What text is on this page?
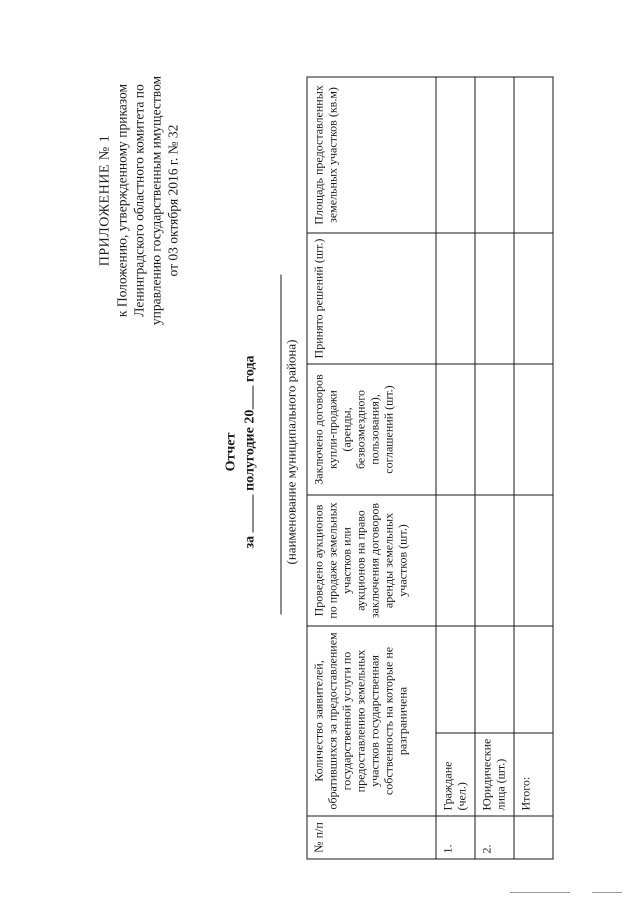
ПРИЛОЖЕНИЕ № 1 к Положению, утвержденному приказом Ленинградского областного комитета по управлению государственным имуществом от 03 октября 2016 г. № 32
Отчет
за  полугодие 20 года (наименование муниципального района)
№ п/п	Количество заявителей, обратившихся за предоставлением государственной услуги по предоставлению земельных участков государственная собственность на которые не разграничена		Проведено аукционов по продаже земельных участков или аукционов на право заключения договоров аренды земельных участков (шт.)	Заключено договоров купли-продажи (аренды, безвозмездного пользования), соглашений (шт.)	Принято решений (шт.)	Площадь предоставленных земельных участков (кв.м)
1.	Граждане (чел.)					
2.	Юридические лица (шт.)					
	Итого:					
